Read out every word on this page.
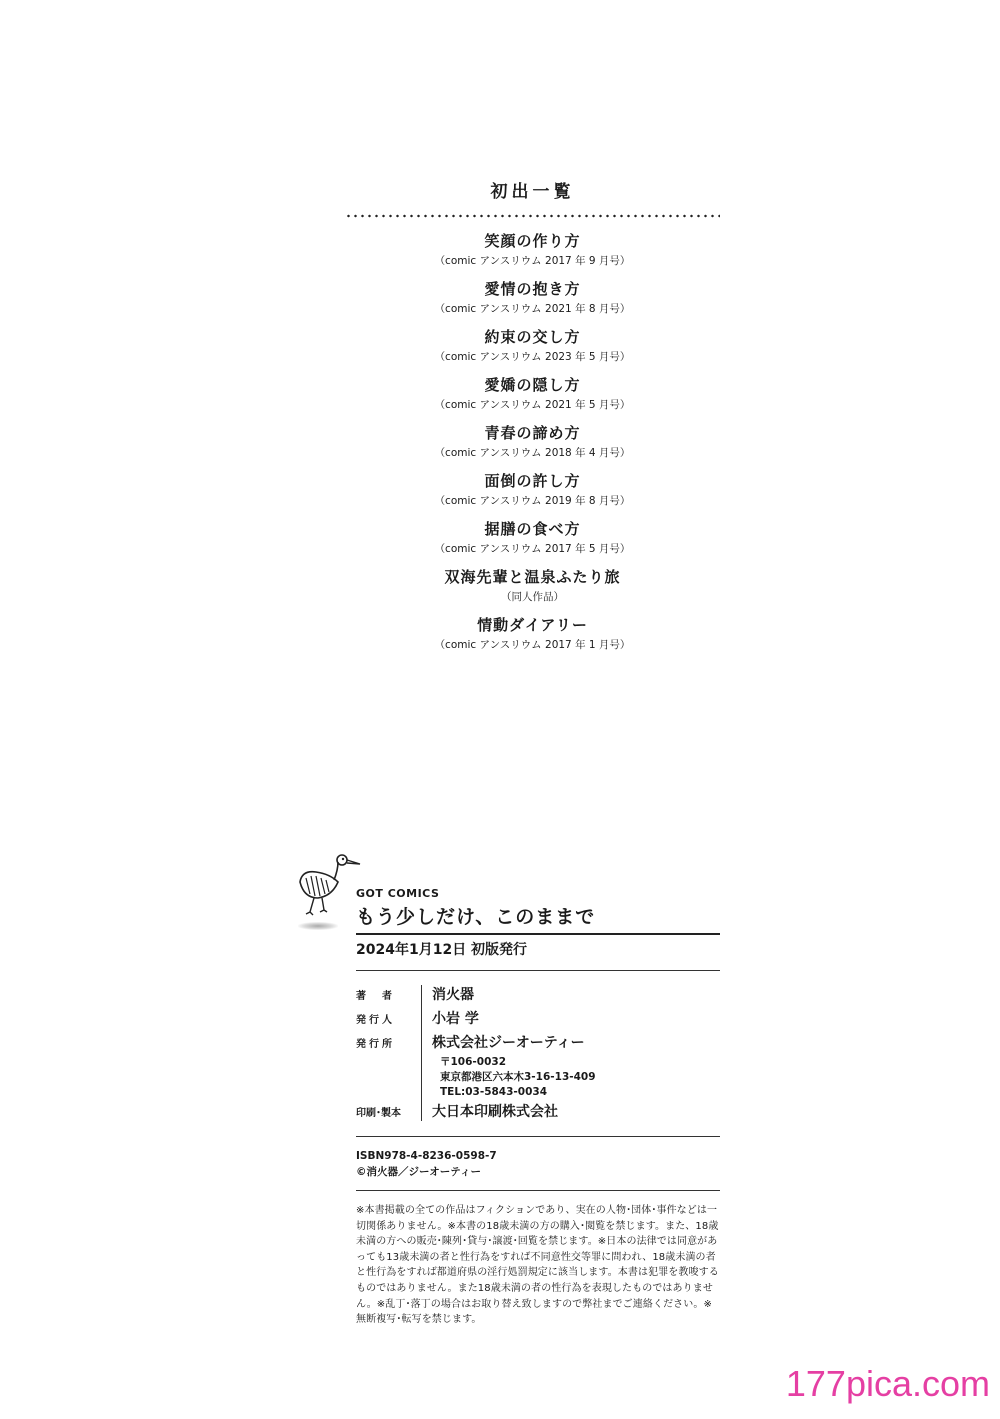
初出一覧
笑顔の作り方
（comic アンスリウム 2017 年 9 月号）
愛情の抱き方
（comic アンスリウム 2021 年 8 月号）
約束の交し方
（comic アンスリウム 2023 年 5 月号）
愛嬌の隠し方
（comic アンスリウム 2021 年 5 月号）
青春の諦め方
（comic アンスリウム 2018 年 4 月号）
面倒の許し方
（comic アンスリウム 2019 年 8 月号）
据膳の食べ方
（comic アンスリウム 2017 年 5 月号）
双海先輩と温泉ふたり旅
（同人作品）
情動ダイアリー
（comic アンスリウム 2017 年 1 月号）
GOT COMICS
もう少しだけ、このままで
2024年1月12日 初版発行
著　者	消火器
発行人	小岩 学
発行所	株式会社ジーオーティー
〒106-0032
東京都港区六本木3-16-13-409
TEL:03-5843-0034
印刷･製本	大日本印刷株式会社
ISBN978-4-8236-0598-7
©消火器／ジーオーティー
※本書掲載の全ての作品はフィクションであり、実在の人物･団体･事件などは一切関係ありません。※本書の18歳未満の方の購入･閲覧を禁じます。また、18歳未満の方への販売･陳列･貸与･譲渡･回覧を禁じます。※日本の法律では同意があっても13歳未満の者と性行為をすれば不同意性交等罪に問われ、18歳未満の者と性行為をすれば都道府県の淫行処罰規定に該当します。本書は犯罪を教唆するものではありません。また18歳未満の者の性行為を表現したものではありません。※乱丁･落丁の場合はお取り替え致しますので弊社までご連絡ください。※無断複写･転写を禁じます。
177pica.com
